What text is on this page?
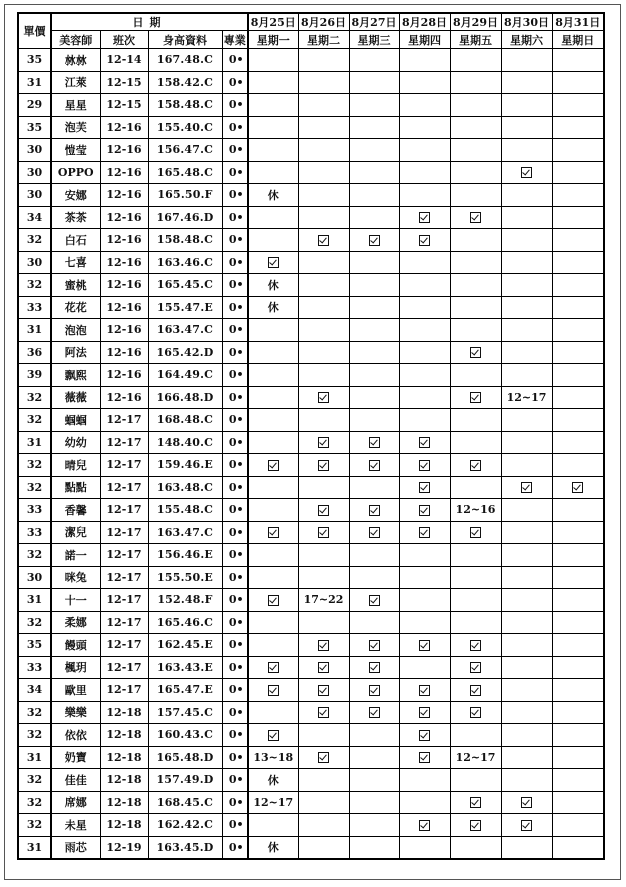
單價	日期				8月25日	8月26日	8月27日	8月28日	8月29日	8月30日	8月31日
	美容師	班次	身高資料	專業	星期一	星期二	星期三	星期四	星期五	星期六	星期日
35	沝沝	12-14	167.48.C	0•							
31	江萊	12-15	158.42.C	0•							
29	星星	12-15	158.48.C	0•							
35	泡芙	12-16	155.40.C	0•							
30	愷莹	12-16	156.47.C	0•							
30	OPPO	12-16	165.48.C	0•							
30	安娜	12-16	165.50.F	0•	休						
34	茶茶	12-16	167.46.D	0•							
32	白石	12-16	158.48.C	0•							
30	七喜	12-16	163.46.C	0•							
32	蜜桃	12-16	165.45.C	0•	休						
33	花花	12-16	155.47.E	0•	休						
31	泡泡	12-16	163.47.C	0•							
36	阿法	12-16	165.42.D	0•							
39	飘熙	12-16	164.49.C	0•							
32	薇薇	12-16	166.48.D	0•						12~17	
32	蝈蝈	12-17	168.48.C	0•							
31	幼幼	12-17	148.40.C	0•							
32	晴兒	12-17	159.46.E	0•							
32	點點	12-17	163.48.C	0•							
33	香馨	12-17	155.48.C	0•					12~16		
33	潔兒	12-17	163.47.C	0•							
32	諾一	12-17	156.46.E	0•							
30	咪兔	12-17	155.50.E	0•							
31	十一	12-17	152.48.F	0•		17~22					
32	柔娜	12-17	165.46.C	0•							
35	饅頭	12-17	162.45.E	0•							
33	楓玥	12-17	163.43.E	0•							
34	歐里	12-17	165.47.E	0•							
32	樂樂	12-18	157.45.C	0•							
32	依依	12-18	160.43.C	0•							
31	奶寶	12-18	165.48.D	0•	13~18				12~17		
32	佳佳	12-18	157.49.D	0•	休						
32	席娜	12-18	168.45.C	0•	12~17						
32	未星	12-18	162.42.C	0•							
31	雨芯	12-19	163.45.D	0•	休						
